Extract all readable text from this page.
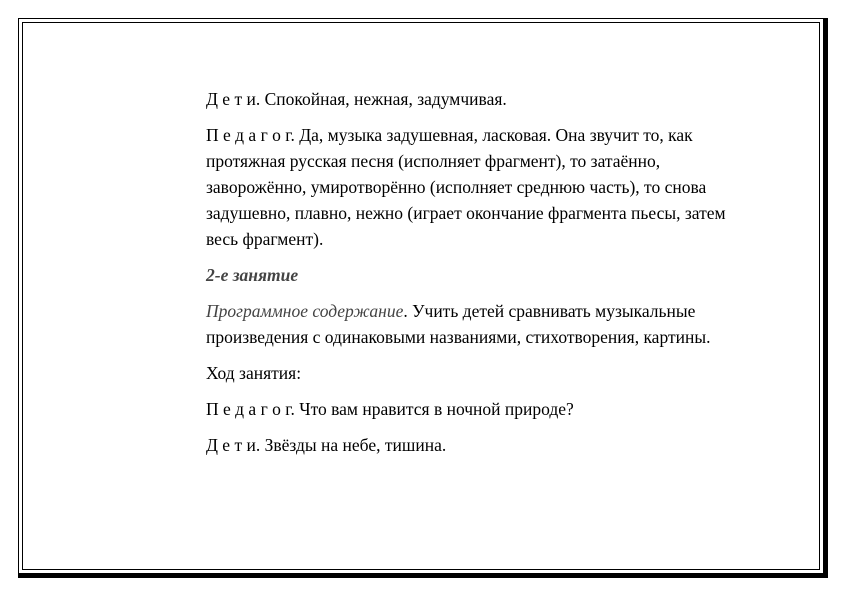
Д е т и. Спокойная, нежная, задумчивая.

П е д а г о г. Да, музыка задушевная, ласковая. Она звучит то, как протяжная русская песня (исполняет фрагмент), то затаённо, заворожённо, умиротворённо (исполняет среднюю часть), то снова задушевно, плавно, нежно (играет окончание фрагмента пьесы, затем весь фрагмент).

2-е занятие

Программное содержание. Учить детей сравнивать музыкальные произведения с одинаковыми названиями, стихотворения, картины.

Ход занятия:

П е д а г о г. Что вам нравится в ночной природе?

Д е т и. Звёзды на небе, тишина.
